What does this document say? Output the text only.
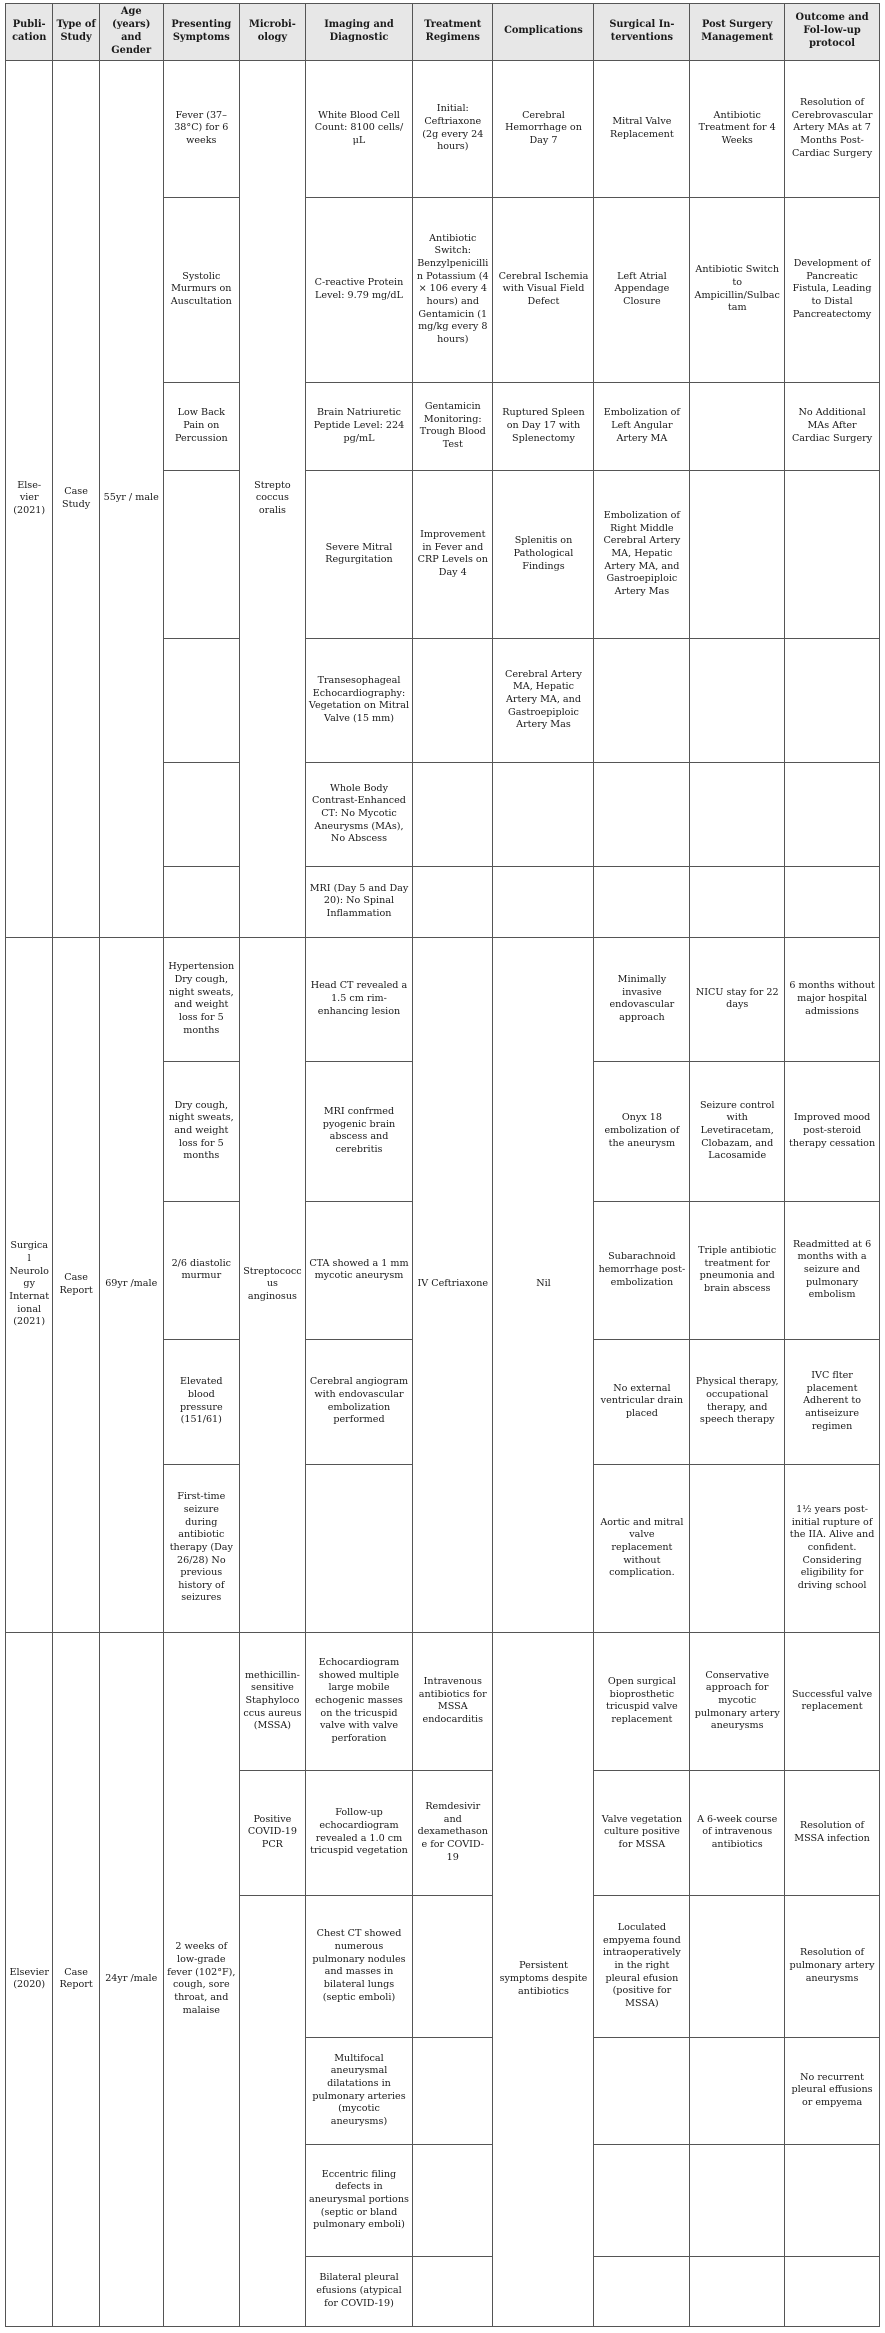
Publi-cation	Type of Study	Age (years) and Gender	Presenting Symptoms	Microbi-ology	Imaging and Diagnostic	Treatment Regimens	Complications	Surgical In-terventions	Post Surgery Management	Outcome and Fol-low-up protocol
Else-vier (2021)	Case Study	55yr / male	Fever (37–38°C) for 6 weeks	Strepto coccus oralis	White Blood Cell Count: 8100 cells/μL	Initial: Ceftriaxone (2g every 24 hours)	Cerebral Hemorrhage on Day 7	Mitral Valve Replacement	Antibiotic Treatment for 4 Weeks	Resolution of Cerebrovascular Artery MAs at 7 Months Post-Cardiac Surgery
			Systolic Murmurs on Auscultation		C-reactive Protein Level: 9.79 mg/dL	Antibiotic Switch: Benzylpenicillin Potassium (4 × 106 every 4 hours) and Gentamicin (1 mg/kg every 8 hours)	Cerebral Ischemia with Visual Field Defect	Left Atrial Appendage Closure	Antibiotic Switch to Ampicillin/Sulbactam	Development of Pancreatic Fistula, Leading to Distal Pancreatectomy
			Low Back Pain on Percussion		Brain Natriuretic Peptide Level: 224 pg/mL	Gentamicin Monitoring: Trough Blood Test	Ruptured Spleen on Day 17 with Splenectomy	Embolization of Left Angular Artery MA		No Additional MAs After Cardiac Surgery
					Severe Mitral Regurgitation	Improvement in Fever and CRP Levels on Day 4	Splenitis on Pathological Findings	Embolization of Right Middle Cerebral Artery MA, Hepatic Artery MA, and Gastroepiploic Artery Mas		
					Transesophageal Echocardiography: Vegetation on Mitral Valve (15 mm)		Cerebral Artery MA, Hepatic Artery MA, and Gastroepiploic Artery Mas			
					Whole Body Contrast-Enhanced CT: No Mycotic Aneurysms (MAs), No Abscess					
					MRI (Day 5 and Day 20): No Spinal Inflammation					
Surgical Neurology International (2021)	Case Report	69yr /male	Hypertension Dry cough, night sweats, and weight loss for 5 months	Streptococcus anginosus	Head CT revealed a 1.5 cm rim-enhancing lesion	IV Ceftriaxone	Nil	Minimally invasive endovascular approach	NICU stay for 22 days	6 months without major hospital admissions
			Dry cough, night sweats, and weight loss for 5 months		MRI confrmed pyogenic brain abscess and cerebritis			Onyx 18 embolization of the aneurysm	Seizure control with Levetiracetam, Clobazam, and Lacosamide	Improved mood post-steroid therapy cessation
			2/6 diastolic murmur		CTA showed a 1 mm mycotic aneurysm			Subarachnoid hemorrhage post-embolization	Triple antibiotic treatment for pneumonia and brain abscess	Readmitted at 6 months with a seizure and pulmonary embolism
			Elevated blood pressure (151/61)		Cerebral angiogram with endovascular embolization performed			No external ventricular drain placed	Physical therapy, occupational therapy, and speech therapy	IVC flter placement Adherent to antiseizure regimen
			First-time seizure during antibiotic therapy (Day 26/28) No previous history of seizures					Aortic and mitral valve replacement without complication.		1½ years post-initial rupture of the IIA. Alive and confident. Considering eligibility for driving school
Elsevier (2020)	Case Report	24yr /male	2 weeks of low-grade fever (102°F), cough, sore throat, and malaise	methicillin-sensitive Staphylococcus aureus (MSSA)	Echocardiogram showed multiple large mobile echogenic masses on the tricuspid valve with valve perforation	Intravenous antibiotics for MSSA endocarditis	Persistent symptoms despite antibiotics	Open surgical bioprosthetic tricuspid valve replacement	Conservative approach for mycotic pulmonary artery aneurysms	Successful valve replacement
				Positive COVID-19 PCR	Follow-up echocardiogram revealed a 1.0 cm tricuspid vegetation	Remdesivir and dexamethasone for COVID-19		Valve vegetation culture positive for MSSA	A 6-week course of intravenous antibiotics	Resolution of MSSA infection
					Chest CT showed numerous pulmonary nodules and masses in bilateral lungs (septic emboli)			Loculated empyema found intraoperatively in the right pleural efusion (positive for MSSA)		Resolution of pulmonary artery aneurysms
					Multifocal aneurysmal dilatations in pulmonary arteries (mycotic aneurysms)					No recurrent pleural effusions or empyema
					Eccentric filing defects in aneurysmal portions (septic or bland pulmonary emboli)					
					Bilateral pleural efusions (atypical for COVID-19)					
